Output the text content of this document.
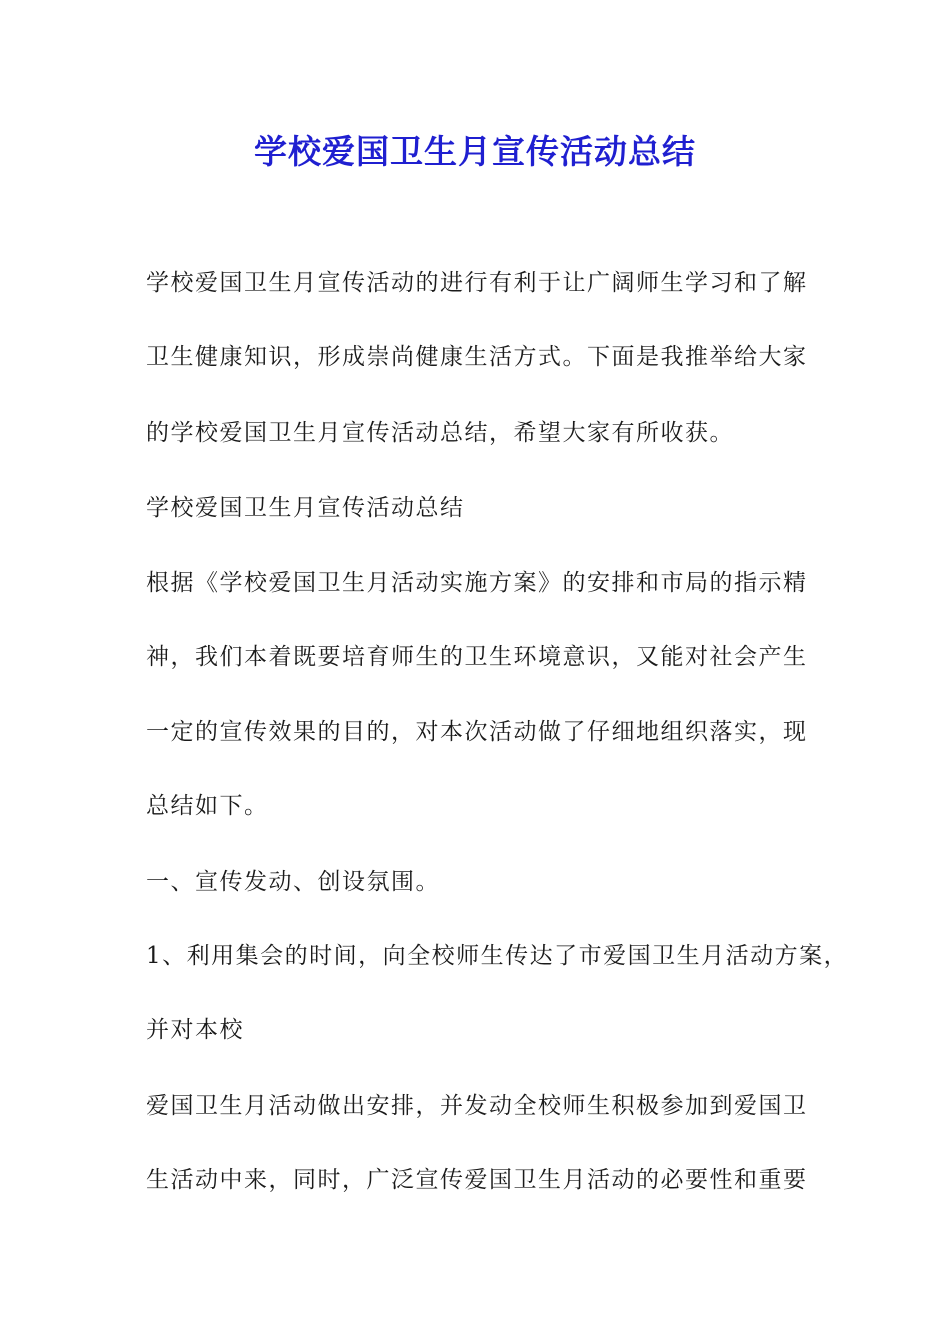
学校爱国卫生月宣传活动总结
学校爱国卫生月宣传活动的进行有利于让广阔师生学习和了解
卫生健康知识，形成崇尚健康生活方式。下面是我推举给大家
的学校爱国卫生月宣传活动总结，希望大家有所收获。
学校爱国卫生月宣传活动总结
根据《学校爱国卫生月活动实施方案》的安排和市局的指示精
神，我们本着既要培育师生的卫生环境意识，又能对社会产生
一定的宣传效果的目的，对本次活动做了仔细地组织落实，现
总结如下。
一、宣传发动、创设氛围。
1、利用集会的时间，向全校师生传达了市爱国卫生月活动方案，
并对本校
爱国卫生月活动做出安排，并发动全校师生积极参加到爱国卫
生活动中来，同时，广泛宣传爱国卫生月活动的必要性和重要
